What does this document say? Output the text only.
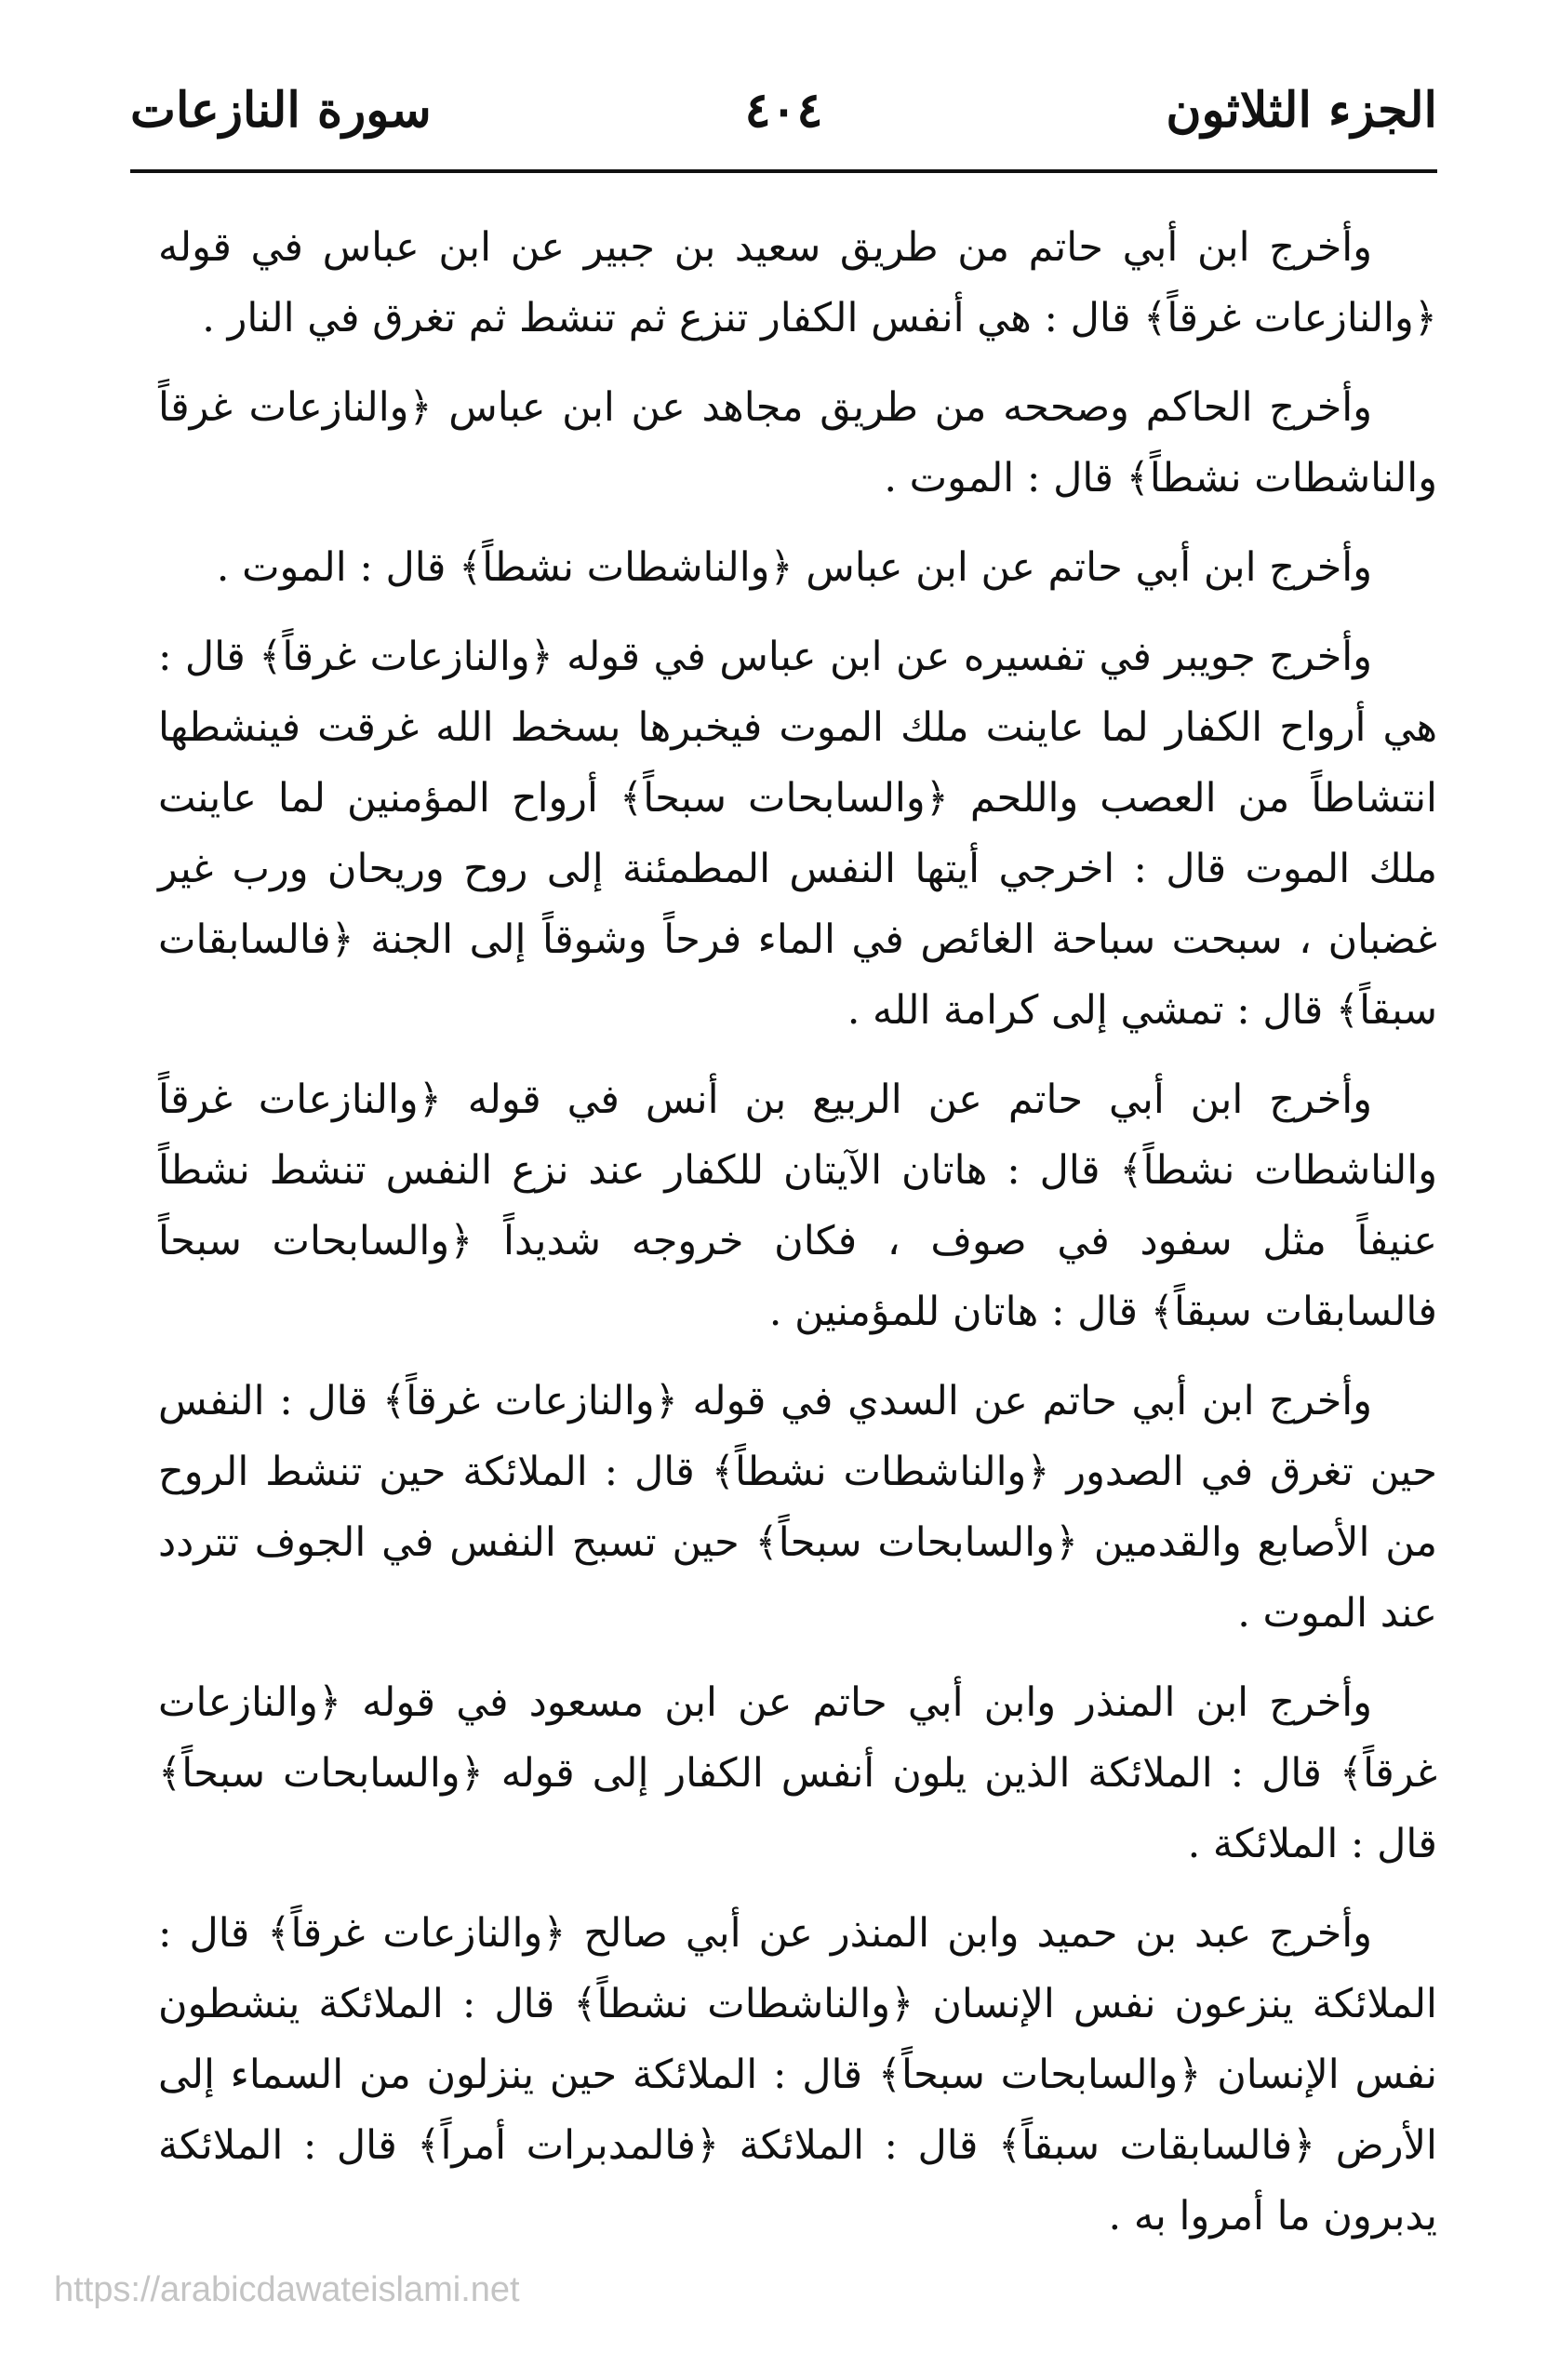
الجزء الثلاثون
٤٠٤
سورة النازعات

وأخرج ابن أبي حاتم من طريق سعيد بن جبير عن ابن عباس في قوله ﴿والنازعات غرقاً﴾ قال : هي أنفس الكفار تنزع ثم تنشط ثم تغرق في النار .

وأخرج الحاكم وصححه من طريق مجاهد عن ابن عباس ﴿والنازعات غرقاً والناشطات نشطاً﴾ قال : الموت .

وأخرج ابن أبي حاتم عن ابن عباس ﴿والناشطات نشطاً﴾ قال : الموت .

وأخرج جويبر في تفسيره عن ابن عباس في قوله ﴿والنازعات غرقاً﴾ قال : هي أرواح الكفار لما عاينت ملك الموت فيخبرها بسخط الله غرقت فينشطها انتشاطاً من العصب واللحم ﴿والسابحات سبحاً﴾ أرواح المؤمنين لما عاينت ملك الموت قال : اخرجي أيتها النفس المطمئنة إلى روح وريحان ورب غير غضبان ، سبحت سباحة الغائص في الماء فرحاً وشوقاً إلى الجنة ﴿فالسابقات سبقاً﴾ قال : تمشي إلى كرامة الله .

وأخرج ابن أبي حاتم عن الربيع بن أنس في قوله ﴿والنازعات غرقاً والناشطات نشطاً﴾ قال : هاتان الآيتان للكفار عند نزع النفس تنشط نشطاً عنيفاً مثل سفود في صوف ، فكان خروجه شديداً ﴿والسابحات سبحاً فالسابقات سبقاً﴾ قال : هاتان للمؤمنين .

وأخرج ابن أبي حاتم عن السدي في قوله ﴿والنازعات غرقاً﴾ قال : النفس حين تغرق في الصدور ﴿والناشطات نشطاً﴾ قال : الملائكة حين تنشط الروح من الأصابع والقدمين ﴿والسابحات سبحاً﴾ حين تسبح النفس في الجوف تتردد عند الموت .

وأخرج ابن المنذر وابن أبي حاتم عن ابن مسعود في قوله ﴿والنازعات غرقاً﴾ قال : الملائكة الذين يلون أنفس الكفار إلى قوله ﴿والسابحات سبحاً﴾ قال : الملائكة .

وأخرج عبد بن حميد وابن المنذر عن أبي صالح ﴿والنازعات غرقاً﴾ قال : الملائكة ينزعون نفس الإنسان ﴿والناشطات نشطاً﴾ قال : الملائكة ينشطون نفس الإنسان ﴿والسابحات سبحاً﴾ قال : الملائكة حين ينزلون من السماء إلى الأرض ﴿فالسابقات سبقاً﴾ قال : الملائكة ﴿فالمدبرات أمراً﴾ قال : الملائكة يدبرون ما أمروا به .

https://arabicdawateislami.net
